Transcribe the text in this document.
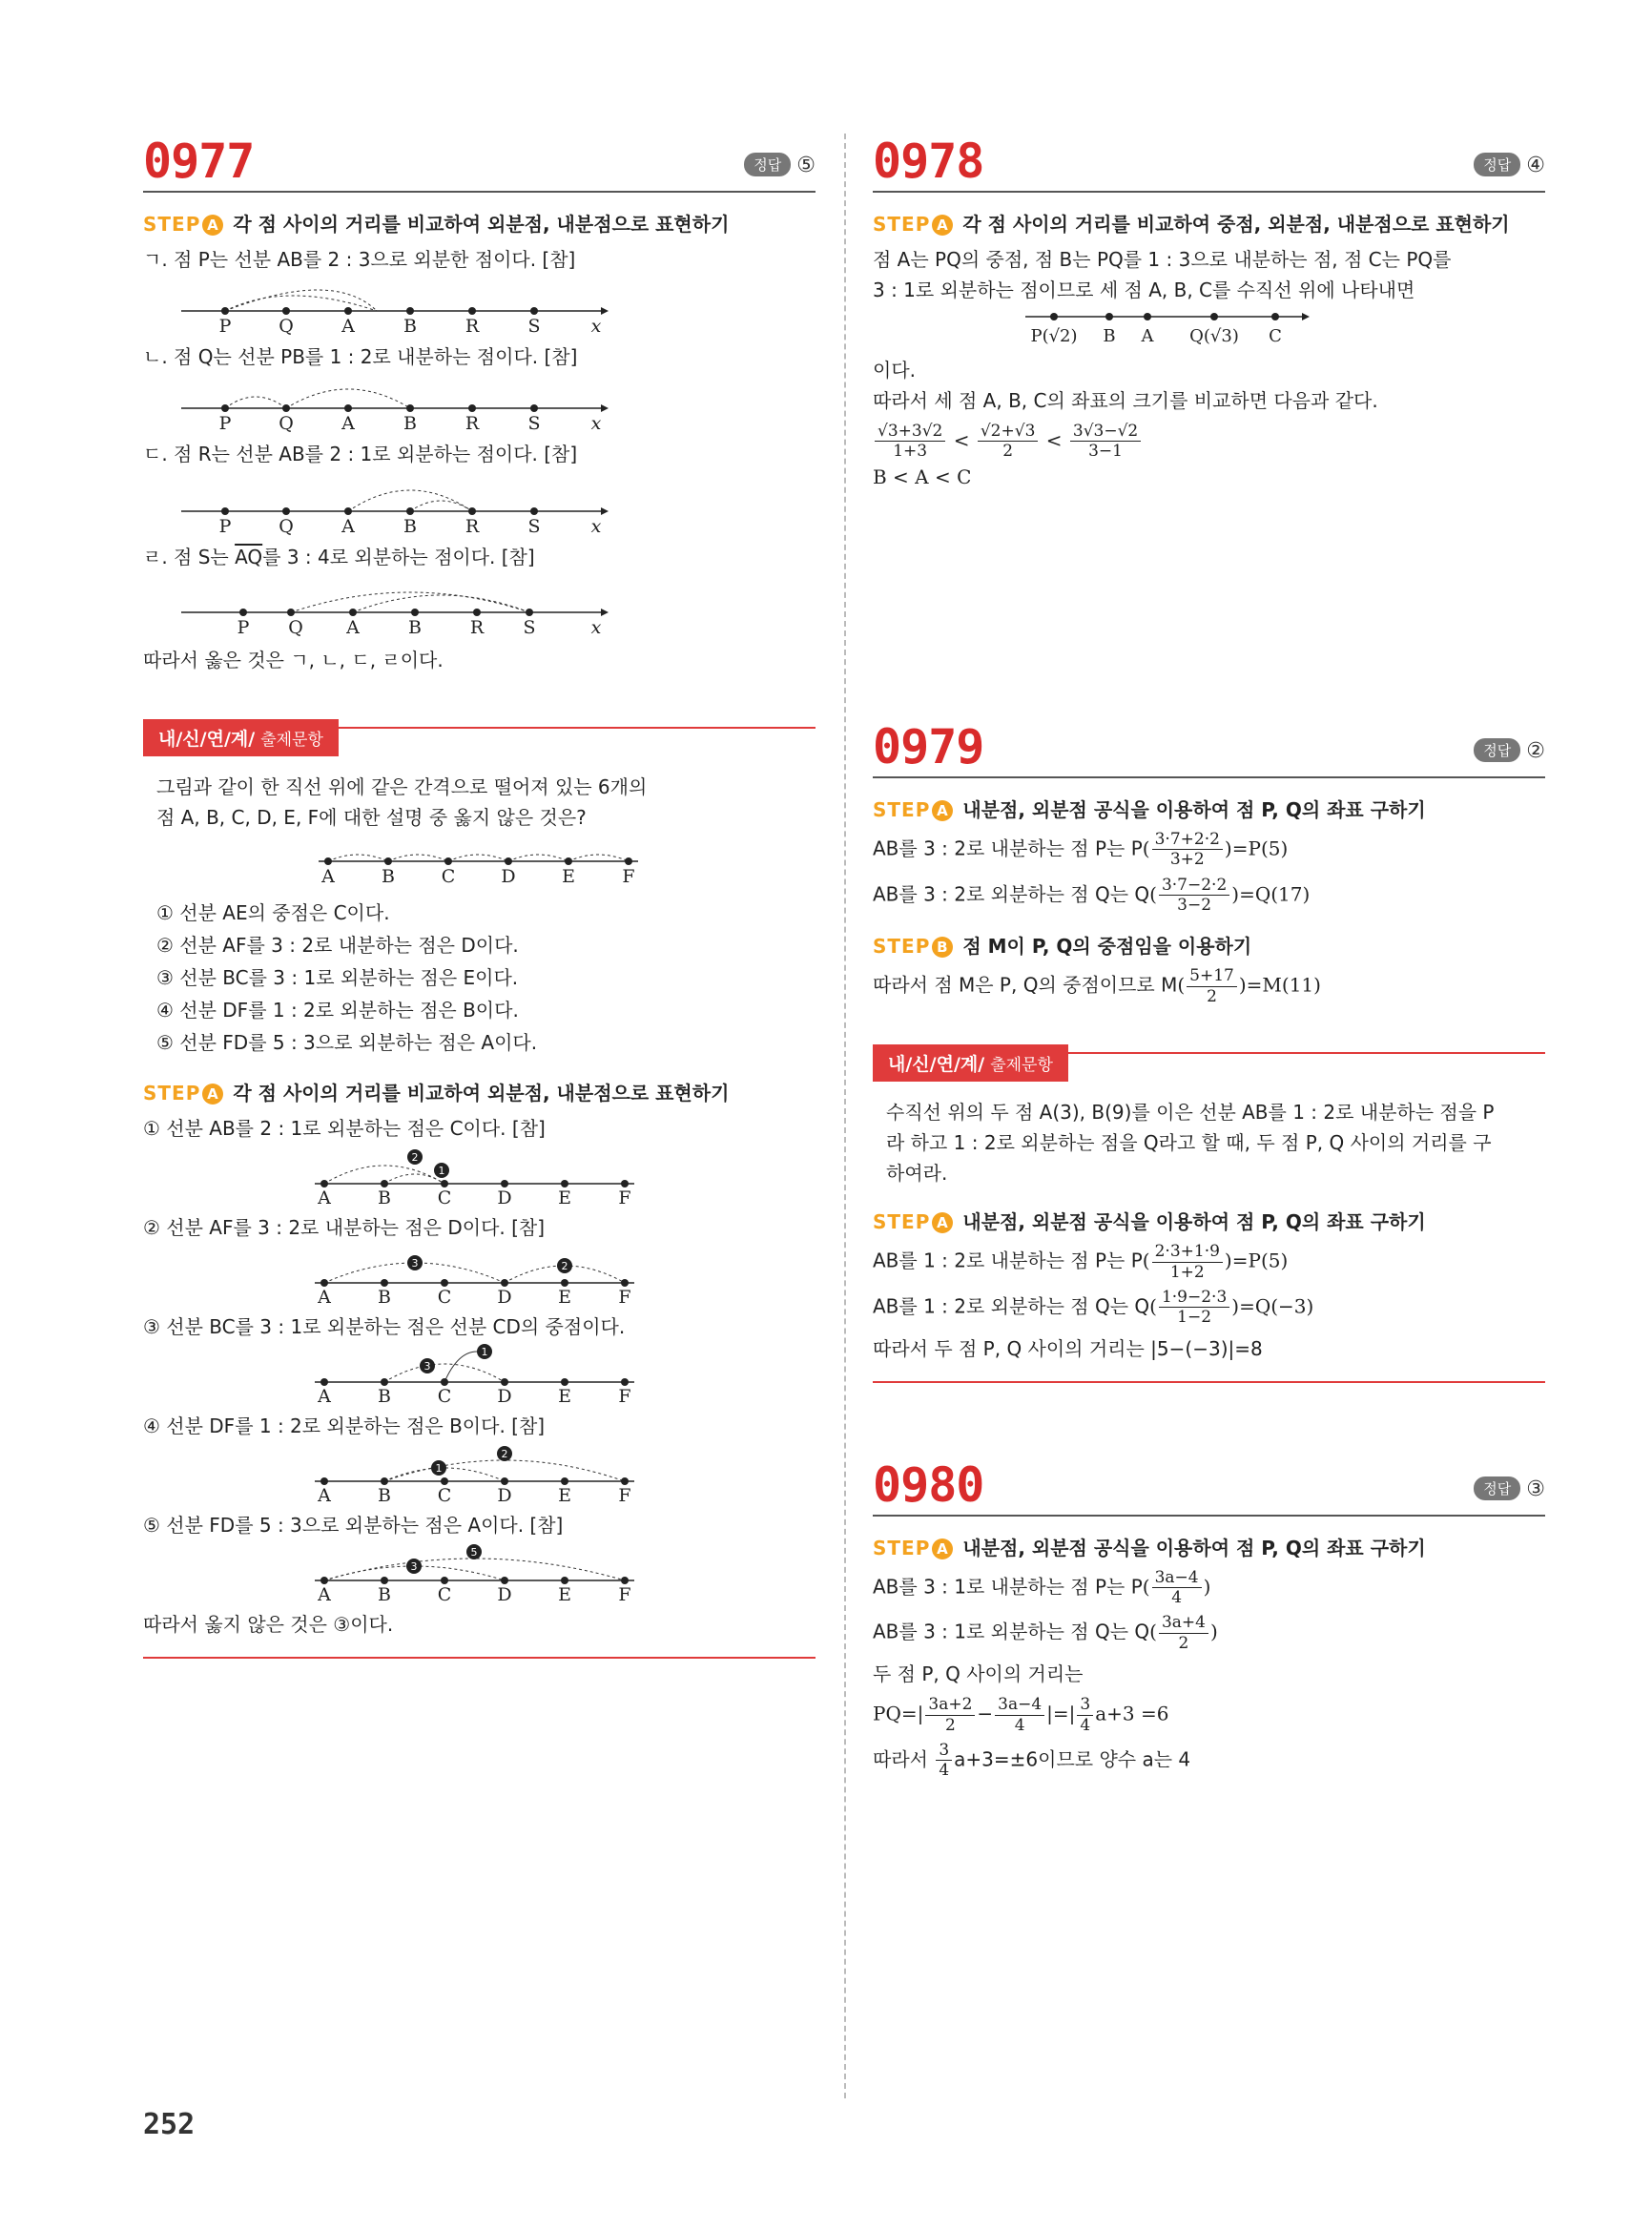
0977	정답 ⑤
STEP A 각 점 사이의 거리를 비교하여 외분점, 내분점으로 표현하기
ㄱ. 점 P는 선분 AB를 2 : 3으로 외분한 점이다. [참]
P	Q	A	B	R	S	x
ㄴ. 점 Q는 선분 PB를 1 : 2로 내분하는 점이다. [참]
P	Q	A	B	R	S	x
ㄷ. 점 R는 선분 AB를 2 : 1로 외분하는 점이다. [참]
P	Q	A	B	R	S	x
ㄹ. 점 S는 $\overline{AQ}$를 3 : 4로 외분하는 점이다. [참]
P Q A	B	R S	x
따라서 옳은 것은 ㄱ, ㄴ, ㄷ, ㄹ이다.
내/신/연/계/ 출제문항
그림과 같이 한 직선 위에 같은 간격으로 떨어져 있는 6개의
점 A, B, C, D, E, F에 대한 설명 중 옳지 않은 것은?
A	B	C	D	E	F
① 선분 AE의 중점은 C이다.
② 선분 AF를 3 : 2로 내분하는 점은 D이다.
③ 선분 BC를 3 : 1로 외분하는 점은 E이다.
④ 선분 DF를 1 : 2로 외분하는 점은 B이다.
⑤ 선분 FD를 5 : 3으로 외분하는 점은 A이다.
STEP A 각 점 사이의 거리를 비교하여 외분점, 내분점으로 표현하기
① 선분 AB를 2 : 1로 외분하는 점은 C이다. [참]
2
1
A	B	C	D	E	F
② 선분 AF를 3 : 2로 내분하는 점은 D이다. [참]
3	2
A	B	C	D	E	F
③ 선분 BC를 3 : 1로 외분하는 점은 선분 CD의 중점이다.
3
1
A	B	C	D	E	F
④ 선분 DF를 1 : 2로 외분하는 점은 B이다. [참]
2
1
A	B	C	D	E	F
⑤ 선분 FD를 5 : 3으로 외분하는 점은 A이다. [참]
5
3
A	B	C	D	E	F
따라서 옳지 않은 것은 ③이다.
0978	정답 ④
STEP A 각 점 사이의 거리를 비교하여 중점, 외분점, 내분점으로 표현하기
점 A는 PQ의 중점, 점 B는 PQ를 1 : 3으로 내분하는 점, 점 C는 PQ를
3 : 1로 외분하는 점이므로 세 점 A, B, C를 수직선 위에 나타내면
P(√2) B A Q(√3) C
이다.
따라서 세 점 A, B, C의 좌표의 크기를 비교하면 다음과 같다.
$\frac{√3+3√2}{1+3} < \frac{√2+√3}{2} < \frac{3√3-√2}{3-1}$
B < A < C
0979	정답 ②
STEP A 내분점, 외분점 공식을 이용하여 점 P, Q의 좌표 구하기
AB를 3 : 2로 내분하는 점 P는 $P( \frac{3\cdot 7+2\cdot 2}{3+2} )=P(5)$
AB를 3 : 2로 외분하는 점 Q는 $Q( \frac{3\cdot 7-2\cdot 2}{3-2} )=Q(17)$
STEP B 점 M이 P, Q의 중점임을 이용하기
따라서 점 M은 P, Q의 중점이므로 $M( \frac{5+17}{2} )=M(11)$
내/신/연/계/ 출제문항
수직선 위의 두 점 A(3), B(9)를 이은 선분 AB를 1 : 2로 내분하는 점을 P
라 하고 1 : 2로 외분하는 점을 Q라고 할 때, 두 점 P, Q 사이의 거리를 구
하여라.
STEP A 내분점, 외분점 공식을 이용하여 점 P, Q의 좌표 구하기
AB를 1 : 2로 내분하는 점 P는 $P( \frac{2\cdot 3+1\cdot 9}{1+2} )=P(5)$
AB를 1 : 2로 외분하는 점 Q는 $Q( \frac{1\cdot 9-2\cdot 3}{1-2} )=Q(-3)$
따라서 두 점 P, Q 사이의 거리는 |5−(−3)|=8
0980	정답 ③
STEP A 내분점, 외분점 공식을 이용하여 점 P, Q의 좌표 구하기
AB를 3 : 1로 내분하는 점 P는 $P( \frac{3a-4}{4}$ )
AB를 3 : 1로 외분하는 점 Q는 $Q( \frac{3a+4}{2}$ )
두 점 P, Q 사이의 거리는
$PQ=| \frac{3a+2}{2} - \frac{3a-4}{4}$ |=| $\frac{3}{4} a+3 =6$
따라서 $\frac{3}{4} a+3=\pm 6$이므로 양수 a는 4
252
